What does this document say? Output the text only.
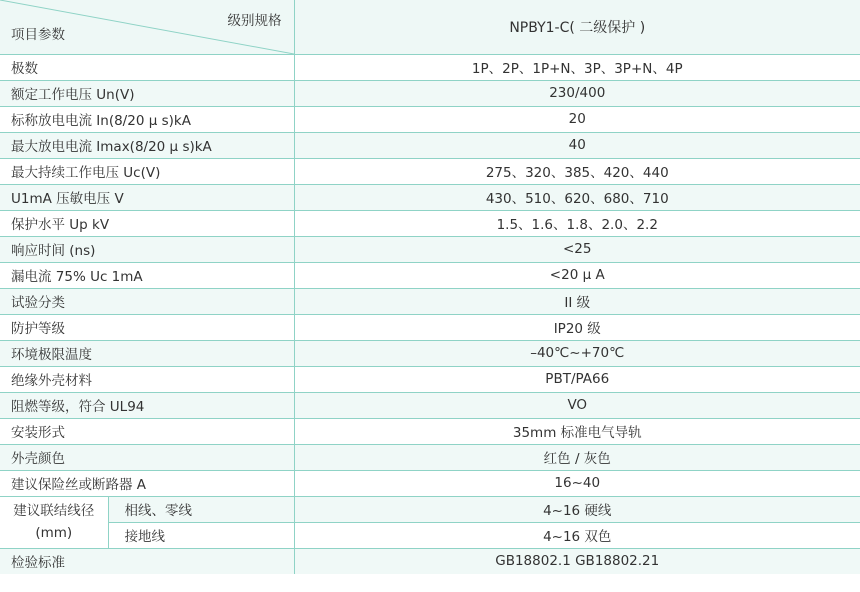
级别规格
项目参数		NPBY1-C( 二级保护 )
极数		1P、2P、1P+N、3P、3P+N、4P
额定工作电压 Un(V)		230/400
标称放电电流 In(8/20 μ s)kA		20
最大放电电流 Imax(8/20 μ s)kA		40
最大持续工作电压 Uc(V)		275、320、385、420、440
U1mA 压敏电压 V		430、510、620、680、710
保护水平 Up kV		1.5、1.6、1.8、2.0、2.2
响应时间 (ns)		<25
漏电流 75% Uc 1mA		<20 μ A
试验分类		II 级
防护等级		IP20 级
环境极限温度		–40℃~+70℃
绝缘外壳材料		PBT/PA66
阻燃等级，符合 UL94		VO
安装形式		35mm 标准电气导轨
外壳颜色		红色 / 灰色
建议保险丝或断路器 A		16~40

建议联结线径
(mm)	相线、零线	4~16 硬线
	接地线	4~16 双色
检验标准		GB18802.1 GB18802.21
